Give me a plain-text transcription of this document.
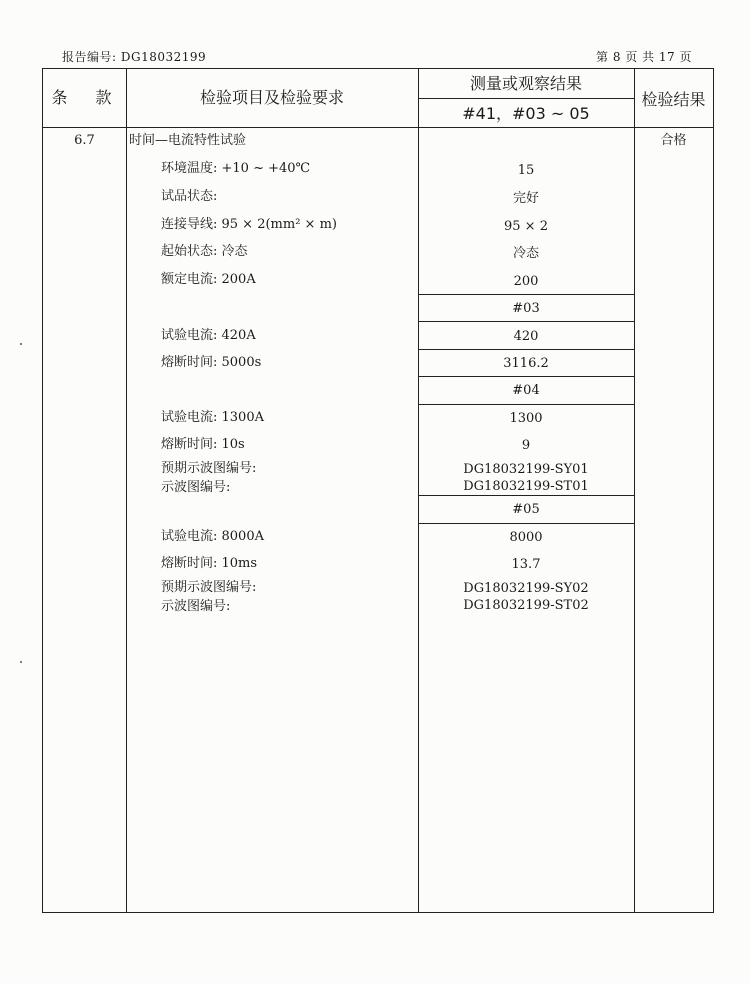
报告编号: DG18032199	第 8 页 共 17 页
条　款	检验项目及检验要求
测量或观察结果
#41，#03 ~ 05
检验结果
6.7	时间—电流特性试验	合格
环境温度: +10 ~ +40℃	15
试品状态:	完好
连接导线: 95 × 2(mm² × m)	95 × 2
起始状态: 冷态	冷态
额定电流: 200A	200
#03
试验电流: 420A	420
熔断时间: 5000s	3116.2
#04
试验电流: 1300A	1300
熔断时间: 10s	9
预期示波图编号:	DG18032199-SY01
示波图编号:	DG18032199-ST01
#05
试验电流: 8000A	8000
熔断时间: 10ms	13.7
预期示波图编号:	DG18032199-SY02
示波图编号:	DG18032199-ST02
